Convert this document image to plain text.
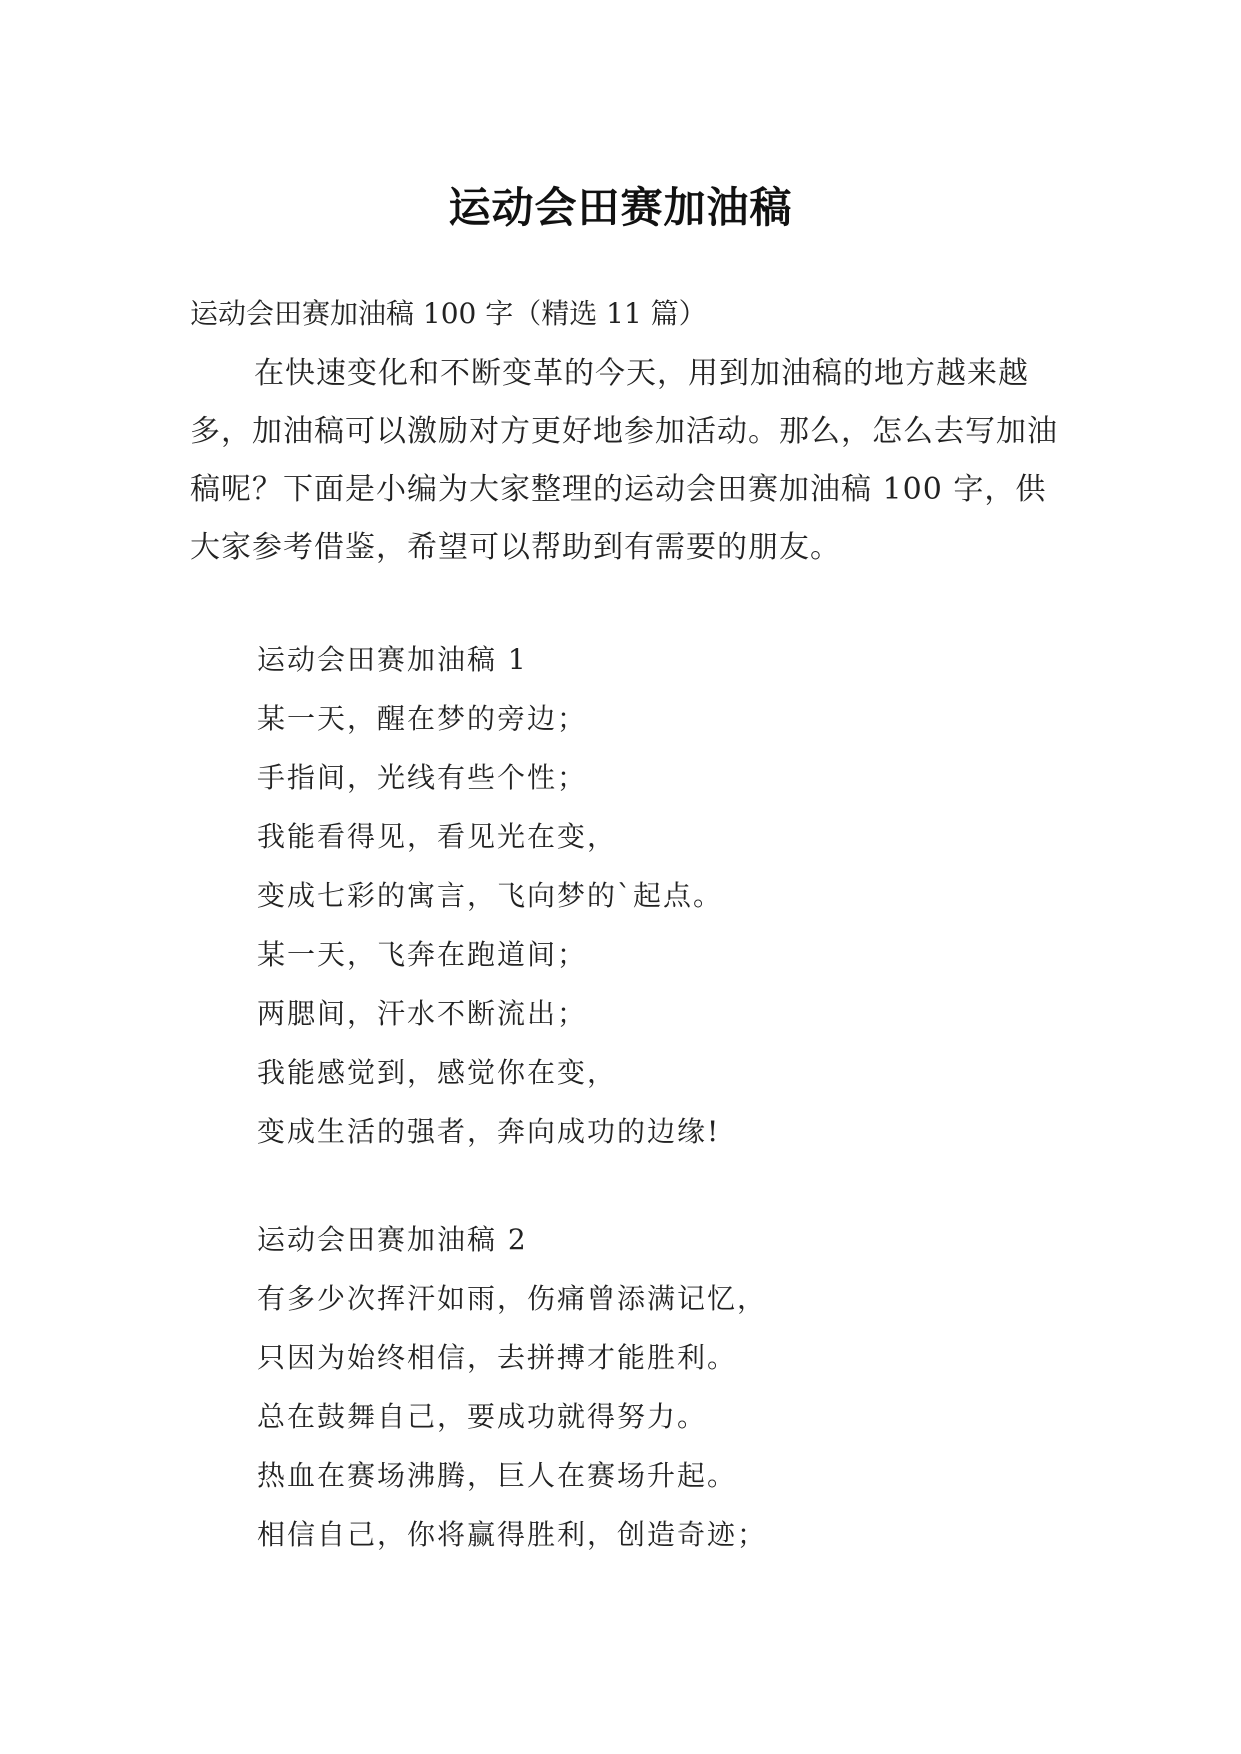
运动会田赛加油稿
运动会田赛加油稿 100 字（精选 11 篇）

在快速变化和不断变革的今天，用到加油稿的地方越来越多，加油稿可以激励对方更好地参加活动。那么，怎么去写加油稿呢？下面是小编为大家整理的运动会田赛加油稿 100 字，供大家参考借鉴，希望可以帮助到有需要的朋友。

运动会田赛加油稿 1
某一天，醒在梦的旁边；
手指间，光线有些个性；
我能看得见，看见光在变，
变成七彩的寓言，飞向梦的`起点。
某一天，飞奔在跑道间；
两腮间，汗水不断流出；
我能感觉到，感觉你在变，
变成生活的强者，奔向成功的边缘!
运动会田赛加油稿 2
有多少次挥汗如雨，伤痛曾添满记忆，
只因为始终相信，去拼搏才能胜利。
总在鼓舞自己，要成功就得努力。
热血在赛场沸腾，巨人在赛场升起。
相信自己，你将赢得胜利，创造奇迹；
